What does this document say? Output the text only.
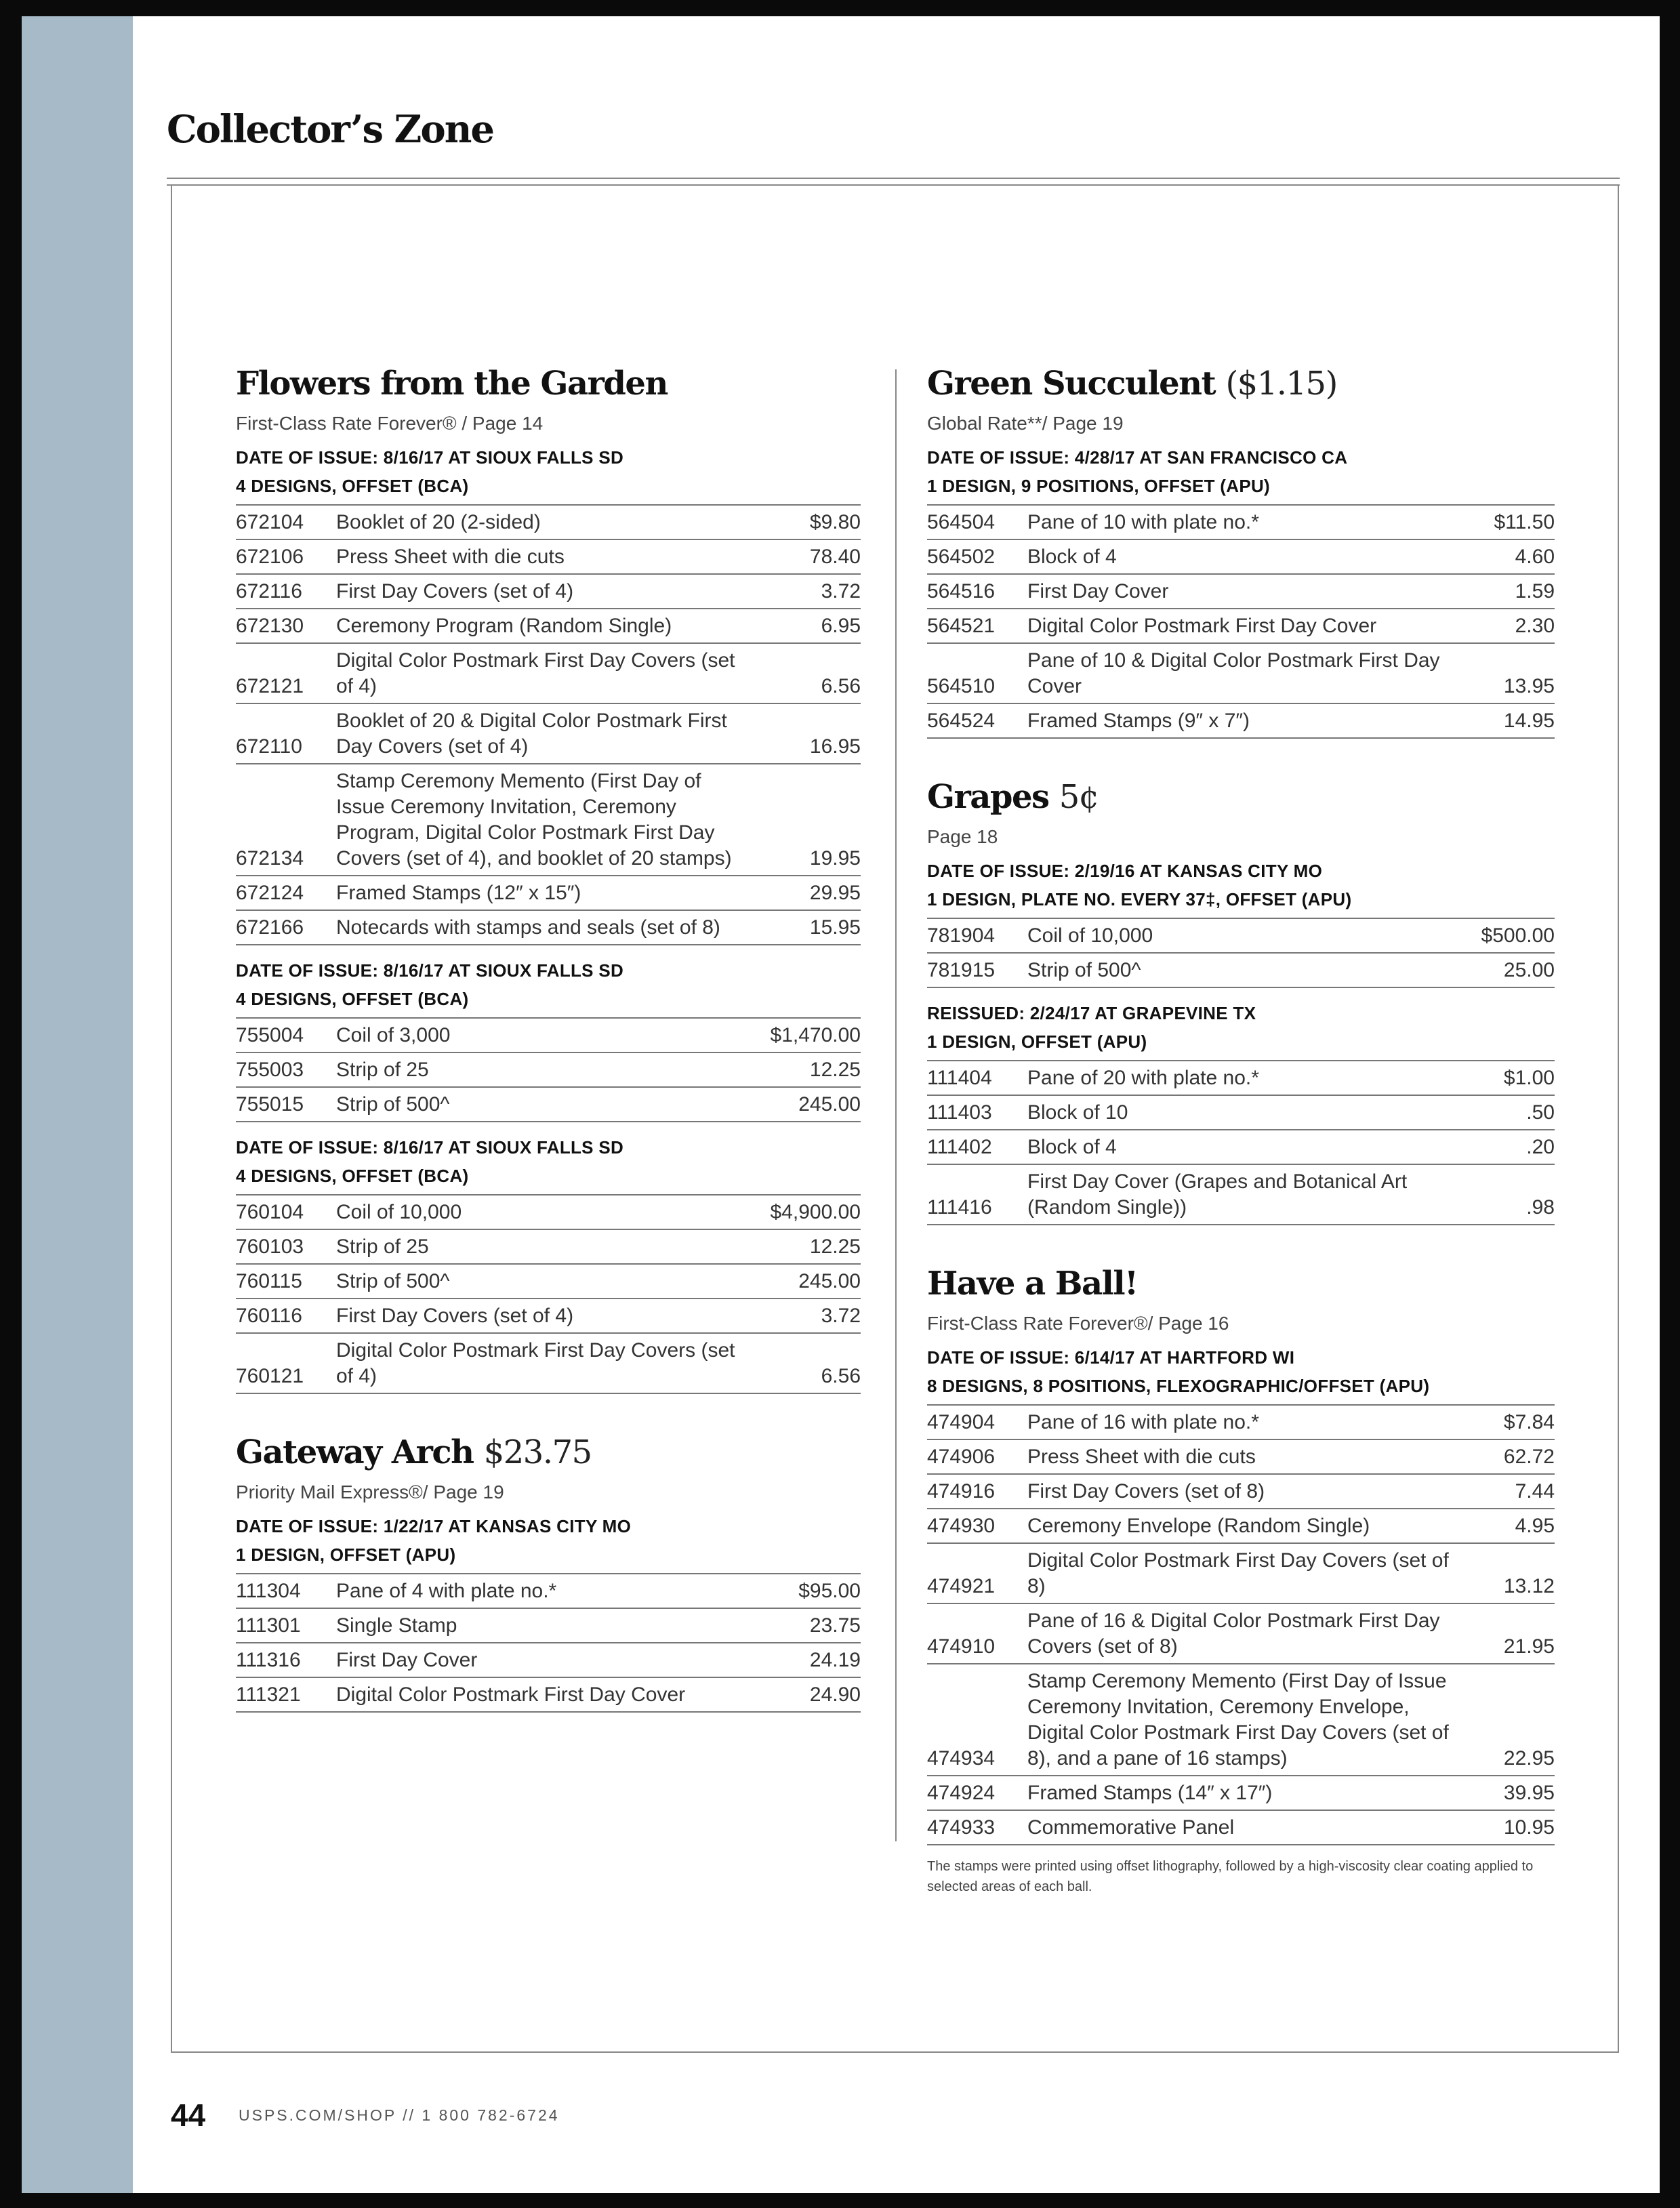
Collector’s Zone
Flowers from the Garden
First-Class Rate Forever® / Page 14
DATE OF ISSUE: 8/16/17 AT SIOUX FALLS SD
4 DESIGNS, OFFSET (BCA)
672104	Booklet of 20 (2-sided)	$9.80
672106	Press Sheet with die cuts	78.40
672116	First Day Covers (set of 4)	3.72
672130	Ceremony Program (Random Single)	6.95
672121	Digital Color Postmark First Day Covers (set of 4)	6.56
672110	Booklet of 20 & Digital Color Postmark First Day Covers (set of 4)	16.95
672134	Stamp Ceremony Memento (First Day of Issue Ceremony Invitation, Ceremony Program, Digital Color Postmark First Day Covers (set of 4), and booklet of 20 stamps)	19.95
672124	Framed Stamps (12″ x 15″)	29.95
672166	Notecards with stamps and seals (set of 8)	15.95
DATE OF ISSUE: 8/16/17 AT SIOUX FALLS SD
4 DESIGNS, OFFSET (BCA)
755004	Coil of 3,000	$1,470.00
755003	Strip of 25	12.25
755015	Strip of 500^	245.00
DATE OF ISSUE: 8/16/17 AT SIOUX FALLS SD
4 DESIGNS, OFFSET (BCA)
760104	Coil of 10,000	$4,900.00
760103	Strip of 25	12.25
760115	Strip of 500^	245.00
760116	First Day Covers (set of 4)	3.72
760121	Digital Color Postmark First Day Covers (set of 4)	6.56
Gateway Arch $23.75
Priority Mail Express®/ Page 19
DATE OF ISSUE: 1/22/17 AT KANSAS CITY MO
1 DESIGN, OFFSET (APU)
111304	Pane of 4 with plate no.*	$95.00
111301	Single Stamp	23.75
111316	First Day Cover	24.19
111321	Digital Color Postmark First Day Cover	24.90
Green Succulent ($1.15)
Global Rate**/ Page 19
DATE OF ISSUE: 4/28/17 AT SAN FRANCISCO CA
1 DESIGN, 9 POSITIONS, OFFSET (APU)
564504	Pane of 10 with plate no.*	$11.50
564502	Block of 4	4.60
564516	First Day Cover	1.59
564521	Digital Color Postmark First Day Cover	2.30
564510	Pane of 10 & Digital Color Postmark First Day Cover	13.95
564524	Framed Stamps (9″ x 7″)	14.95
Grapes 5¢
Page 18
DATE OF ISSUE: 2/19/16 AT KANSAS CITY MO
1 DESIGN, PLATE NO. EVERY 37‡, OFFSET (APU)
781904	Coil of 10,000	$500.00
781915	Strip of 500^	25.00
REISSUED: 2/24/17 AT GRAPEVINE TX
1 DESIGN, OFFSET (APU)
111404	Pane of 20 with plate no.*	$1.00
111403	Block of 10	.50
111402	Block of 4	.20
111416	First Day Cover (Grapes and Botanical Art (Random Single))	.98
Have a Ball!
First-Class Rate Forever®/ Page 16
DATE OF ISSUE: 6/14/17 AT HARTFORD WI
8 DESIGNS, 8 POSITIONS, FLEXOGRAPHIC/OFFSET (APU)
474904	Pane of 16 with plate no.*	$7.84
474906	Press Sheet with die cuts	62.72
474916	First Day Covers (set of 8)	7.44
474930	Ceremony Envelope (Random Single)	4.95
474921	Digital Color Postmark First Day Covers (set of 8)	13.12
474910	Pane of 16 & Digital Color Postmark First Day Covers (set of 8)	21.95
474934	Stamp Ceremony Memento (First Day of Issue Ceremony Invitation, Ceremony Envelope, Digital Color Postmark First Day Covers (set of 8), and a pane of 16 stamps)	22.95
474924	Framed Stamps (14″ x 17″)	39.95
474933	Commemorative Panel	10.95
The stamps were printed using offset lithography, followed by a high-viscosity clear coating applied to selected areas of each ball.
44 USPS.COM/SHOP // 1 800 782-6724
